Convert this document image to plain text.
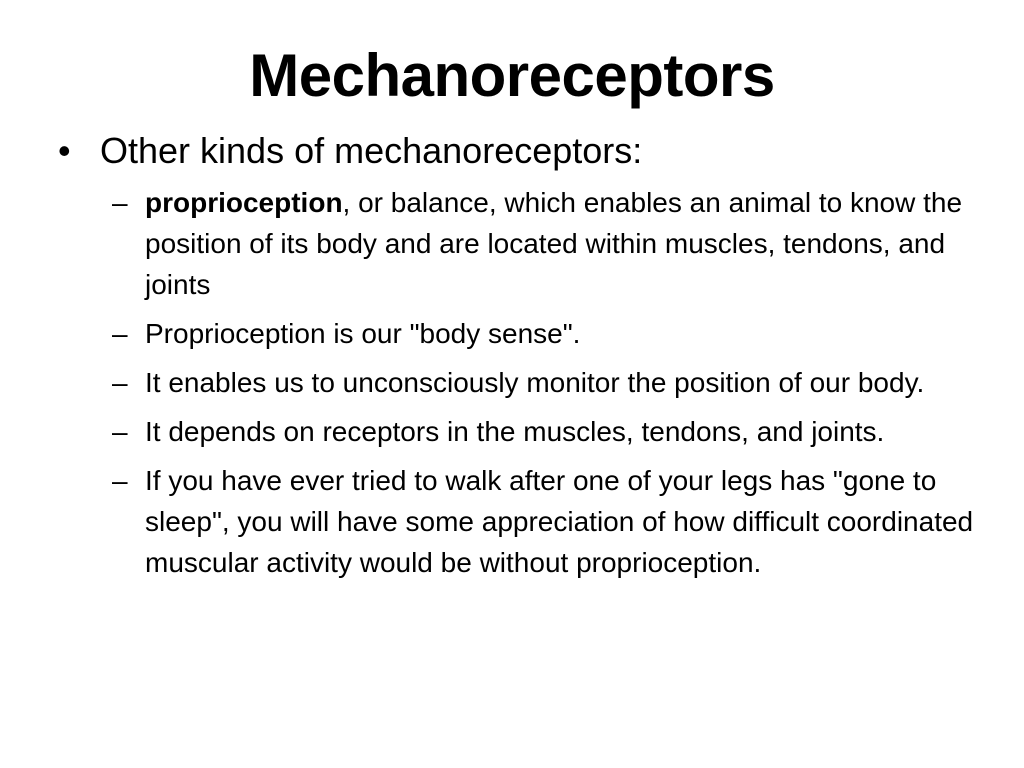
Mechanoreceptors
• Other kinds of mechanoreceptors:
– proprioception, or balance, which enables an animal to know the position of its body and are located within muscles, tendons, and joints
– Proprioception is our "body sense".
– It enables us to unconsciously monitor the position of our body.
– It depends on receptors in the muscles, tendons, and joints.
– If you have ever tried to walk after one of your legs has "gone to sleep", you will have some appreciation of how difficult coordinated muscular activity would be without proprioception.
